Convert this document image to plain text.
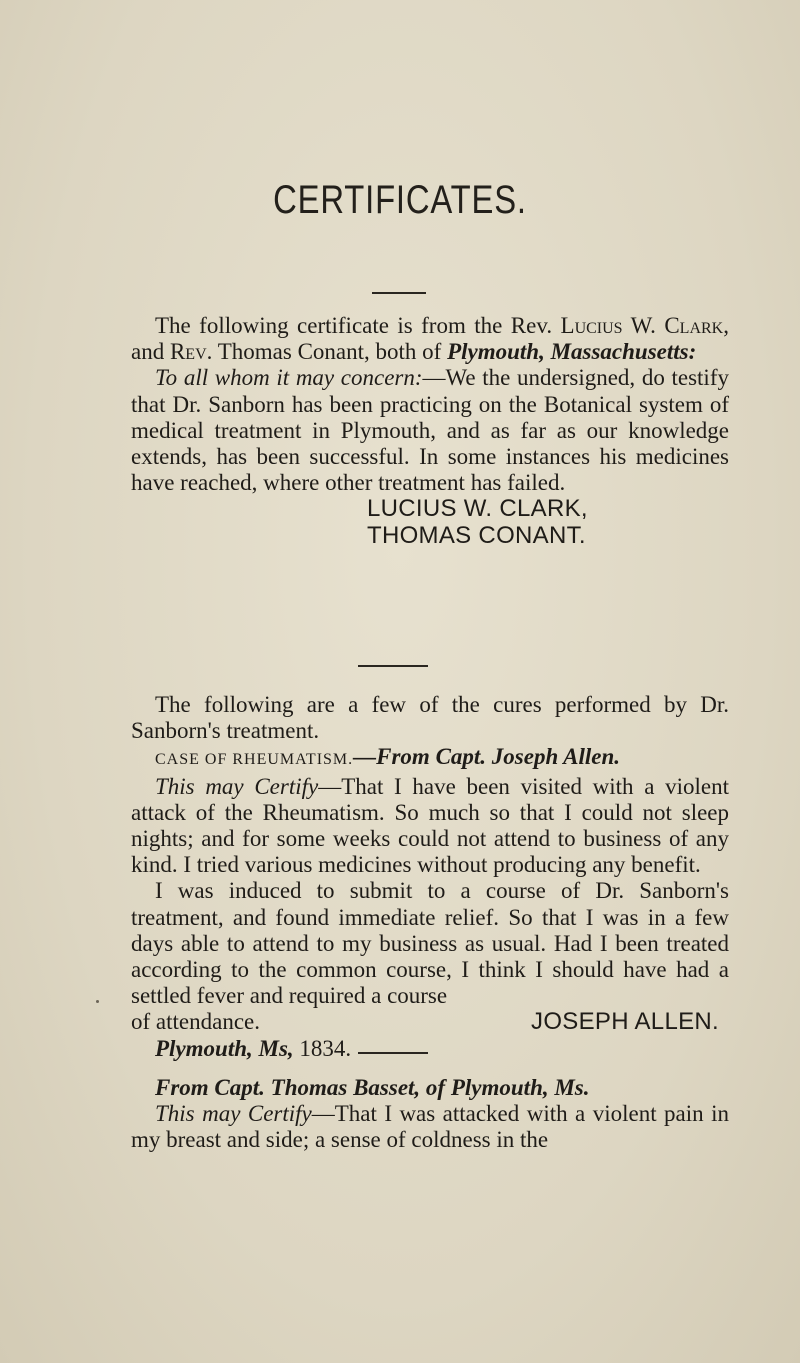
CERTIFICATES.

The following certificate is from the Rev. Lucius W. Clark, and Rev. Thomas Conant, both of Plymouth, Massachusetts:

To all whom it may concern:—We the undersigned, do testify that Dr. Sanborn has been practicing on the Botanical system of medical treatment in Plymouth, and as far as our knowledge extends, has been successful. In some instances his medicines have reached, where other treatment has failed.

LUCIUS W. CLARK,
THOMAS CONANT.

The following are a few of the cures performed by Dr. Sanborn's treatment.

CASE OF RHEUMATISM.—From Capt. Joseph Allen.

This may Certify—That I have been visited with a violent attack of the Rheumatism. So much so that I could not sleep nights; and for some weeks could not attend to business of any kind. I tried various medicines without producing any benefit.

I was induced to submit to a course of Dr. Sanborn's treatment, and found immediate relief. So that I was in a few days able to attend to my business as usual. Had I been treated according to the common course, I think I should have had a settled fever and required a course

of attendance.	JOSEPH ALLEN.

Plymouth, Ms, 1834.

From Capt. Thomas Basset, of Plymouth, Ms.

This may Certify—That I was attacked with a violent pain in my breast and side; a sense of coldness in the
